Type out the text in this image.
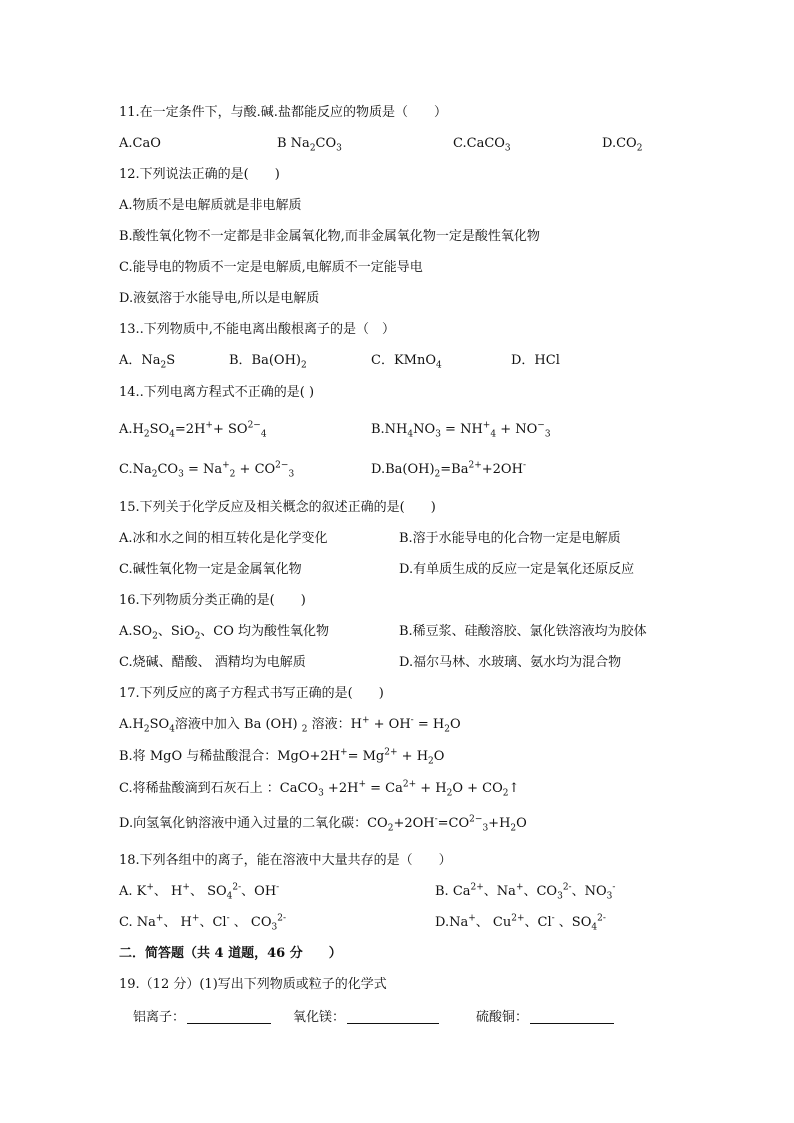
11.在一定条件下，与酸.碱.盐都能反应的物质是（　　）
A.CaO	B $Na_2CO_3$	C.CaCO$_3$	$D.CO_2$
12.下列说法正确的是(　　)
A.物质不是电解质就是非电解质
B.酸性氧化物不一定都是非金属氧化物,而非金属氧化物一定是酸性氧化物
C.能导电的物质不一定是电解质,电解质不一定能导电
D.液氨溶于水能导电,所以是电解质
13..下列物质中,不能电离出酸根离子的是（　）
A．$Na_2S$	B．$Ba(OH)_2$	C．KMnO$_4$	D．HCl
14..下列电离方程式不正确的是( )
$A.H_2SO_4=2H^++ SO^{2-}_4$	$B.NH_4NO_3 = NH^+_4 + NO^-_3$
$C.Na_2CO_3 = Na^+_2 + CO^{2-}_3$	$D.Ba(OH)_2=Ba^{2+}+2OH^-$
15.下列关于化学反应及相关概念的叙述正确的是(　　)
A.冰和水之间的相互转化是化学变化	B.溶于水能导电的化合物一定是电解质
C.碱性氧化物一定是金属氧化物	D.有单质生成的反应一定是氧化还原反应
16.下列物质分类正确的是(　　)
$A.SO_2$、SiO$_2$、CO 均为酸性氧化物	B.稀豆浆、硅酸溶胶、氯化铁溶液均为胶体
C.烧碱、醋酸、 酒精均为电解质	D.福尔马林、水玻璃、氨水均为混合物
17.下列反应的离子方程式书写正确的是(　　)
$A.H_2SO_4$溶液中加入 Ba (OH) $_2$ 溶液：$H^+ + OH^- = H_2O$
B.将 MgO 与稀盐酸混合：$MgO+2H^+= Mg^{2+} + H_2O$
C.将稀盐酸滴到石灰石上 ：CaCO$_3$ $+2H^+ = Ca^{2+} + H_2O$ + $CO_2↑$
D.向氢氧化钠溶液中通入过量的二氧化碳：$CO_2+2OH^-=CO^{2-}_3+H_2O$
18.下列各组中的离子，能在溶液中大量共存的是（　　）
A. K+、 H+、 $SO_4^{2-}$、OH-	B. $Ca^{2+}$、Na+、$CO_3^{2-}$、$NO_3^-$
C. Na+、 H+、Cl- 、 $CO_3^{2-}$	D.Na+、 $Cu^{2+}$、Cl- 、$SO_4^{2-}$
二．简答题（共 4 道题，46 分　　）
19.（12 分）(1)写出下列物质或粒子的化学式
铝离子：	氧化镁：	硫酸铜：
